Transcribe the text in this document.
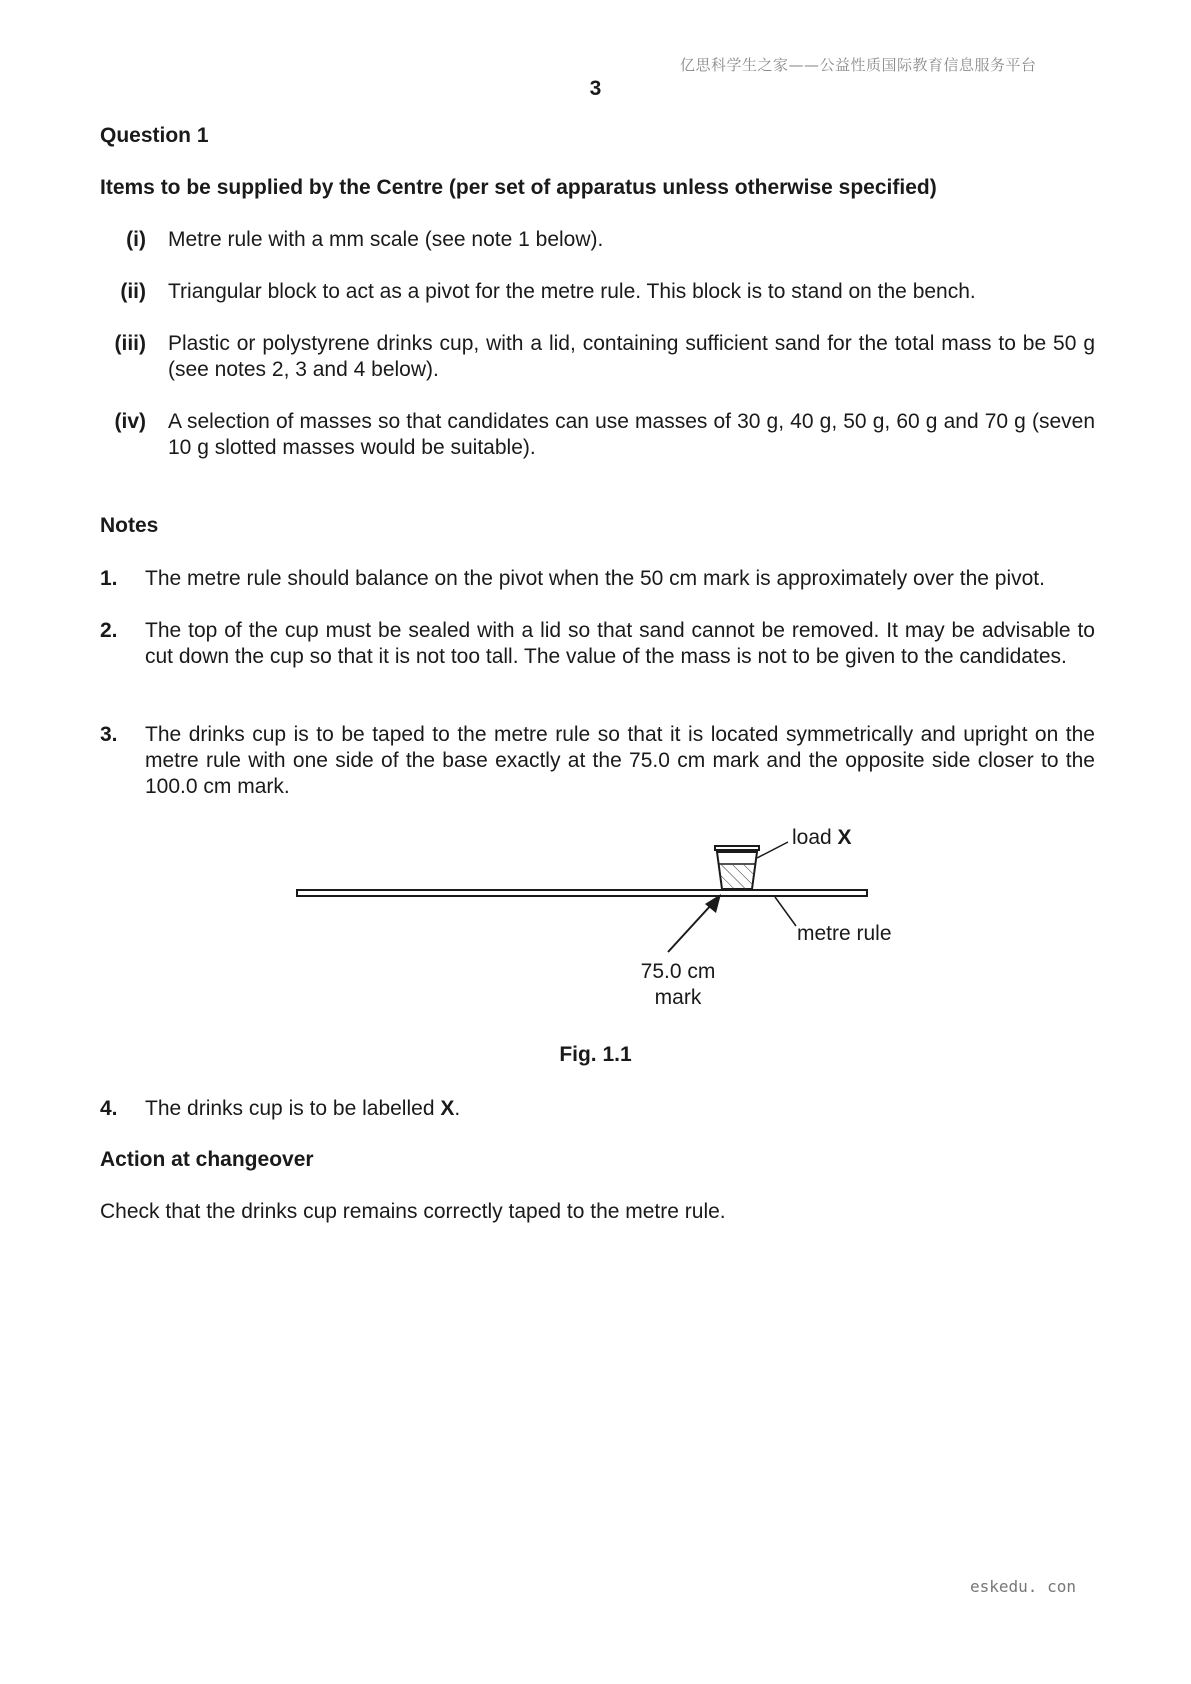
亿思科学生之家——公益性质国际教育信息服务平台
3
Question 1
Items to be supplied by the Centre (per set of apparatus unless otherwise specified)
(i) Metre rule with a mm scale (see note 1 below).
(ii) Triangular block to act as a pivot for the metre rule. This block is to stand on the bench.
(iii) Plastic or polystyrene drinks cup, with a lid, containing sufficient sand for the total mass to be 50 g (see notes 2, 3 and 4 below).
(iv) A selection of masses so that candidates can use masses of 30 g, 40 g, 50 g, 60 g and 70 g (seven 10 g slotted masses would be suitable).
Notes
1. The metre rule should balance on the pivot when the 50 cm mark is approximately over the pivot.
2. The top of the cup must be sealed with a lid so that sand cannot be removed. It may be advisable to cut down the cup so that it is not too tall. The value of the mass is not to be given to the candidates.
3. The drinks cup is to be taped to the metre rule so that it is located symmetrically and upright on the metre rule with one side of the base exactly at the 75.0 cm mark and the opposite side closer to the 100.0 cm mark.
load X
metre rule
75.0 cm
mark
Fig. 1.1
4. The drinks cup is to be labelled X.
Action at changeover
Check that the drinks cup remains correctly taped to the metre rule.
eskedu. con
